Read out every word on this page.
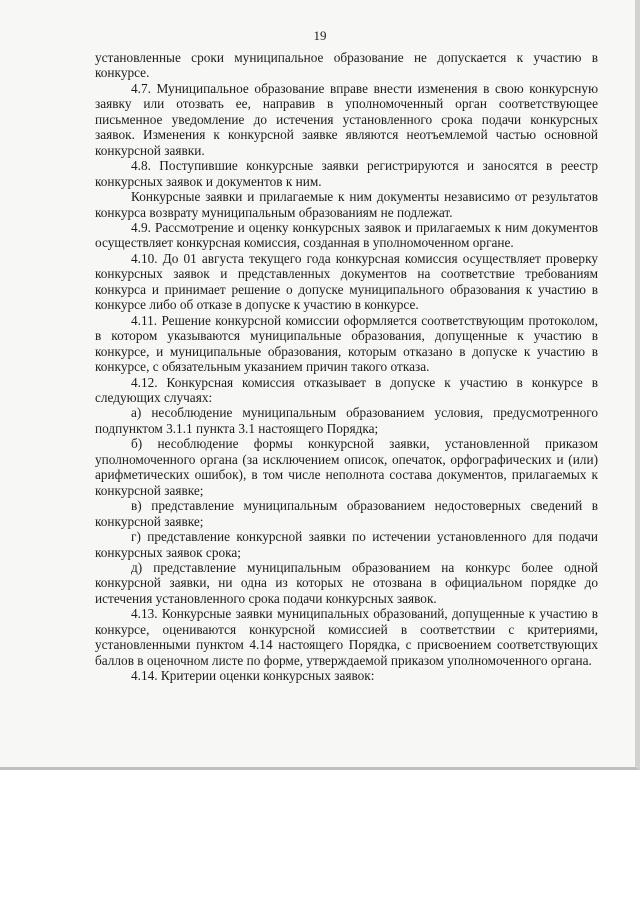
19

установленные сроки муниципальное образование не допускается к участию в конкурсе.

4.7. Муниципальное образование вправе внести изменения в свою конкурсную заявку или отозвать ее, направив в уполномоченный орган соответствующее письменное уведомление до истечения установленного срока подачи конкурсных заявок. Изменения к конкурсной заявке являются неотъемлемой частью основной конкурсной заявки.

4.8. Поступившие конкурсные заявки регистрируются и заносятся в реестр конкурсных заявок и документов к ним.

Конкурсные заявки и прилагаемые к ним документы независимо от результатов конкурса возврату муниципальным образованиям не подлежат.

4.9. Рассмотрение и оценку конкурсных заявок и прилагаемых к ним документов осуществляет конкурсная комиссия, созданная в уполномоченном органе.

4.10. До 01 августа текущего года конкурсная комиссия осуществляет проверку конкурсных заявок и представленных документов на соответствие требованиям конкурса и принимает решение о допуске муниципального образования к участию в конкурсе либо об отказе в допуске к участию в конкурсе.

4.11. Решение конкурсной комиссии оформляется соответствующим протоколом, в котором указываются муниципальные образования, допущенные к участию в конкурсе, и муниципальные образования, которым отказано в допуске к участию в конкурсе, с обязательным указанием причин такого отказа.

4.12. Конкурсная комиссия отказывает в допуске к участию в конкурсе в следующих случаях:

а) несоблюдение муниципальным образованием условия, предусмотренного подпунктом 3.1.1 пункта 3.1 настоящего Порядка;

б) несоблюдение формы конкурсной заявки, установленной приказом уполномоченного органа (за исключением описок, опечаток, орфографических и (или) арифметических ошибок), в том числе неполнота состава документов, прилагаемых к конкурсной заявке;

в) представление муниципальным образованием недостоверных сведений в конкурсной заявке;

г) представление конкурсной заявки по истечении установленного для подачи конкурсных заявок срока;

д) представление муниципальным образованием на конкурс более одной конкурсной заявки, ни одна из которых не отозвана в официальном порядке до истечения установленного срока подачи конкурсных заявок.

4.13. Конкурсные заявки муниципальных образований, допущенные к участию в конкурсе, оцениваются конкурсной комиссией в соответствии с критериями, установленными пунктом 4.14 настоящего Порядка, с присвоением соответствующих баллов в оценочном листе по форме, утверждаемой приказом уполномоченного органа.

4.14. Критерии оценки конкурсных заявок:
